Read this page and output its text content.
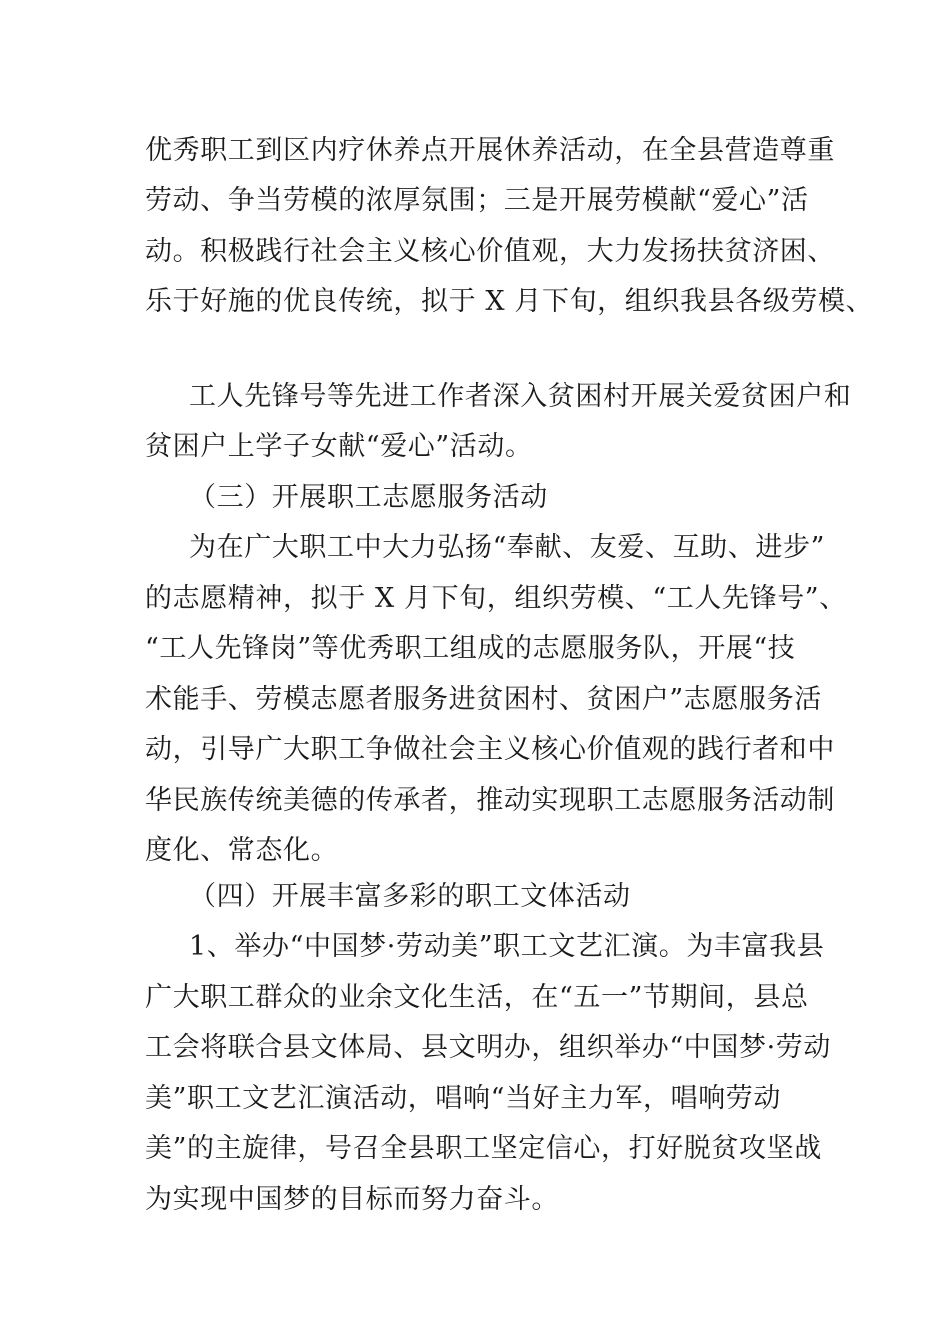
优秀职工到区内疗休养点开展休养活动，在全县营造尊重
劳动、争当劳模的浓厚氛围；三是开展劳模献“爱心”活
动。积极践行社会主义核心价值观，大力发扬扶贫济困、
乐于好施的优良传统，拟于 X 月下旬，组织我县各级劳模、
工人先锋号等先进工作者深入贫困村开展关爱贫困户和
贫困户上学子女献“爱心”活动。
（三）开展职工志愿服务活动
为在广大职工中大力弘扬“奉献、友爱、互助、进步”
的志愿精神，拟于 X 月下旬，组织劳模、“工人先锋号”、
“工人先锋岗”等优秀职工组成的志愿服务队，开展“技
术能手、劳模志愿者服务进贫困村、贫困户”志愿服务活
动，引导广大职工争做社会主义核心价值观的践行者和中
华民族传统美德的传承者，推动实现职工志愿服务活动制
度化、常态化。
（四）开展丰富多彩的职工文体活动
1、举办“中国梦·劳动美”职工文艺汇演。为丰富我县
广大职工群众的业余文化生活，在“五一”节期间，县总
工会将联合县文体局、县文明办，组织举办“中国梦·劳动
美”职工文艺汇演活动，唱响“当好主力军，唱响劳动
美”的主旋律，号召全县职工坚定信心，打好脱贫攻坚战
为实现中国梦的目标而努力奋斗。
